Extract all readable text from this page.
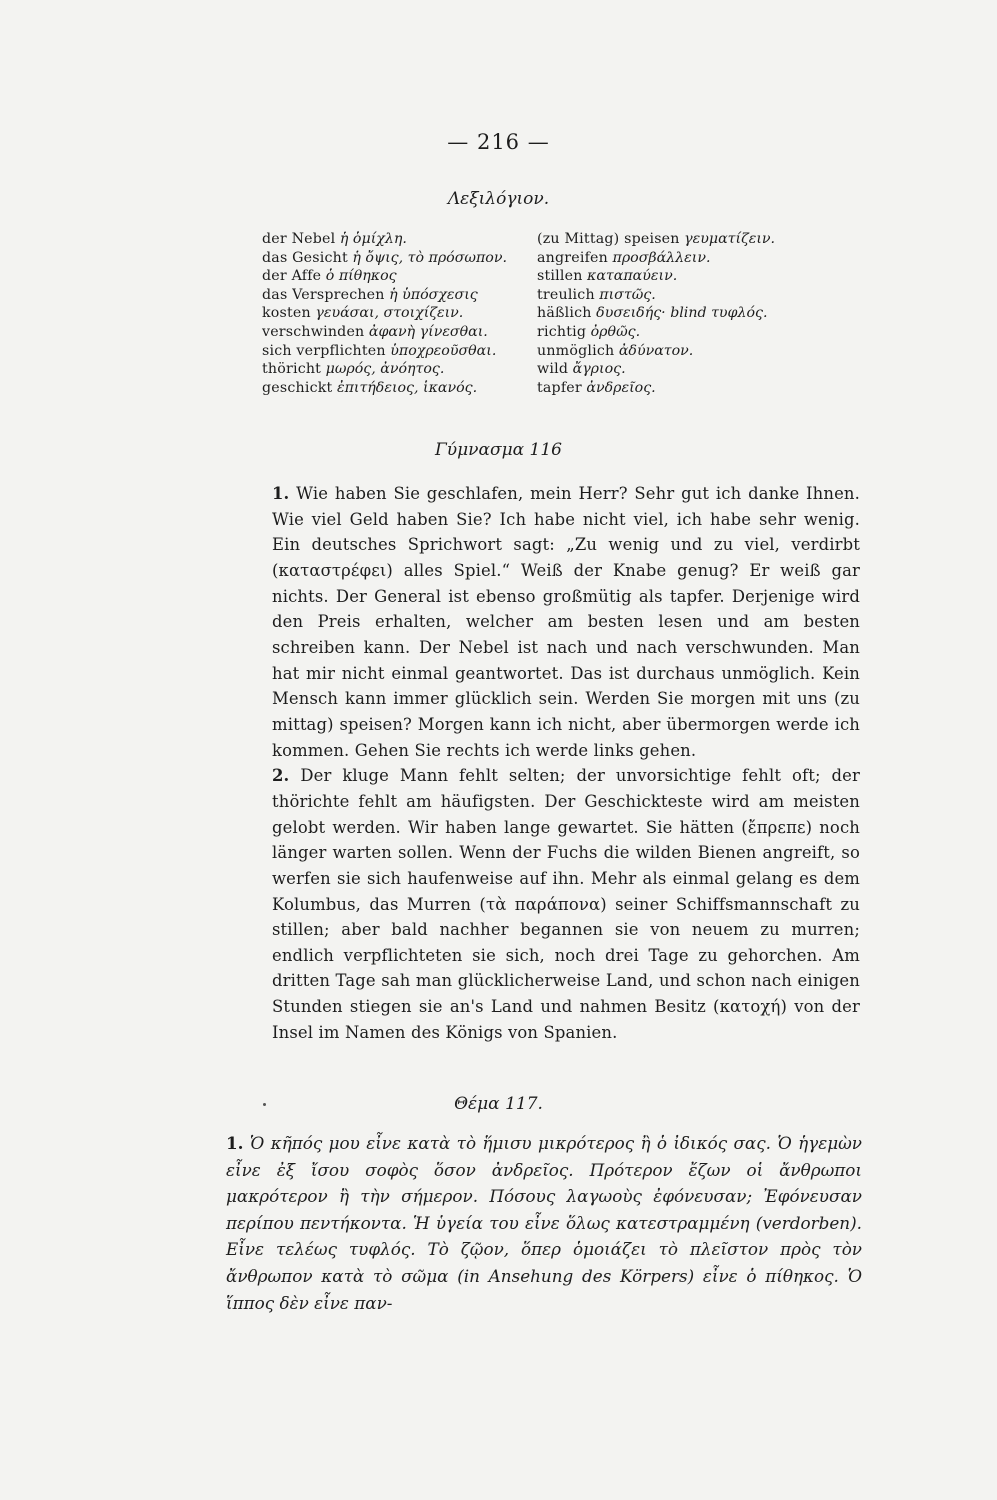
— 216 —
Λεξιλόγιον.
der Nebel ἡ ὁμίχλη.
das Gesicht ἡ ὄψις, τὸ πρόσωπον.
der Affe ὁ πίθηκος
das Versprechen ἡ ὑπόσχεσις
kosten γευάσαι, στοιχίζειν.
verschwinden ἀφανὴ γίνεσθαι.
sich verpflichten ὑποχρεοῦσθαι.
thöricht μωρός, ἀνόητος.
geschickt ἐπιτήδειος, ἱκανός.
(zu Mittag) speisen γευματίζειν.
angreifen προσβάλλειν.
stillen καταπαύειν.
treulich πιστῶς.
häßlich δυσειδής· blind τυφλός.
richtig ὀρθῶς.
unmöglich ἀδύνατον.
wild ἄγριος.
tapfer ἀνδρεῖος.
Γύμνασμα 116

1. Wie haben Sie geschlafen, mein Herr? Sehr gut ich danke Ihnen. Wie viel Geld haben Sie? Ich habe nicht viel, ich habe sehr wenig. Ein deutsches Sprichwort sagt: „Zu wenig und zu viel, verdirbt (καταστρέφει) alles Spiel.“ Weiß der Knabe genug? Er weiß gar nichts. Der General ist ebenso großmütig als tapfer. Derjenige wird den Preis erhalten, welcher am besten lesen und am besten schreiben kann. Der Nebel ist nach und nach verschwunden. Man hat mir nicht einmal geantwortet. Das ist durchaus unmöglich. Kein Mensch kann immer glücklich sein. Werden Sie morgen mit uns (zu mittag) speisen? Morgen kann ich nicht, aber übermorgen werde ich kommen. Gehen Sie rechts ich werde links gehen.

2. Der kluge Mann fehlt selten; der unvorsichtige fehlt oft; der thörichte fehlt am häufigsten. Der Geschickteste wird am meisten gelobt werden. Wir haben lange gewartet. Sie hätten (ἔπρεπε) noch länger warten sollen. Wenn der Fuchs die wilden Bienen angreift, so werfen sie sich haufenweise auf ihn. Mehr als einmal gelang es dem Kolumbus, das Murren (τὰ παράπονα) seiner Schiffsmannschaft zu stillen; aber bald nachher begannen sie von neuem zu murren; endlich verpflichteten sie sich, noch drei Tage zu gehorchen. Am dritten Tage sah man glücklicherweise Land, und schon nach einigen Stunden stiegen sie an's Land und nahmen Besitz (κατοχή) von der Insel im Namen des Königs von Spanien.

Θέμα 117.
1. Ὁ κῆπός μου εἶνε κατὰ τὸ ἥμισυ μικρότερος ἢ ὁ ἰδικός σας. Ὁ ἡγεμὼν εἶνε ἐξ ἴσου σοφὸς ὅσον ἀνδρεῖος. Πρότερον ἔζων οἱ ἄνθρωποι μακρότερον ἢ τὴν σήμερον. Πόσους λαγωοὺς ἐφόνευσαν; Ἐφόνευσαν περίπου πεντήκοντα. Ἡ ὑγεία του εἶνε ὅλως κατεστραμμένη (verdorben). Εἶνε τελέως τυφλός. Τὸ ζῷον, ὅπερ ὁμοιάζει τὸ πλεῖστον πρὸς τὸν ἄνθρωπον κατὰ τὸ σῶμα (in Ansehung des Körpers) εἶνε ὁ πίθηκος. Ὁ ἵππος δὲν εἶνε παν-
